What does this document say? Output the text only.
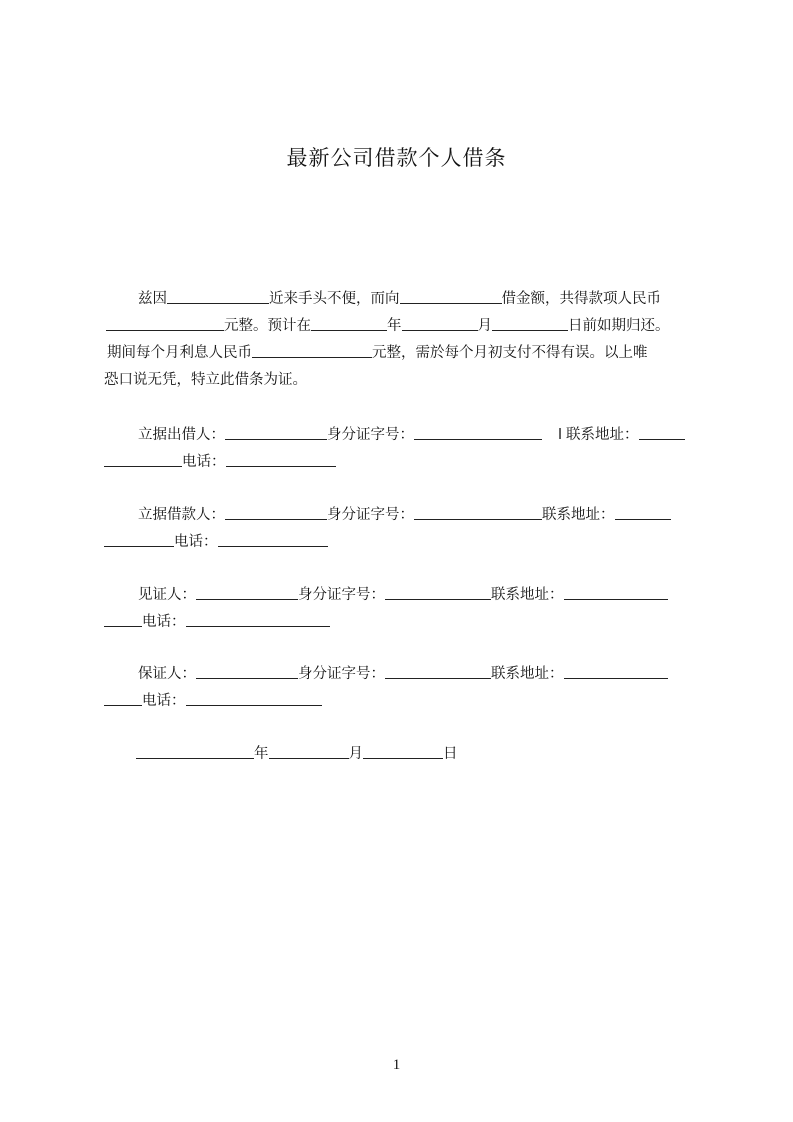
最新公司借款个人借条
兹因	近来手头不便，而向	借金额，共得款项人民币
元整。预计在	年	月	日前如期归还。
期间每个月利息人民币	元整，需於每个月初支付不得有误。以上唯
恐口说无凭，特立此借条为证。
立据出借人：	身分证字号：	l 联系地址：
电话：
立据借款人：	身分证字号：	联系地址：
电话：
见证人：	身分证字号：	联系地址：
电话：
保证人：	身分证字号：	联系地址：
电话：
年	月	日
1
